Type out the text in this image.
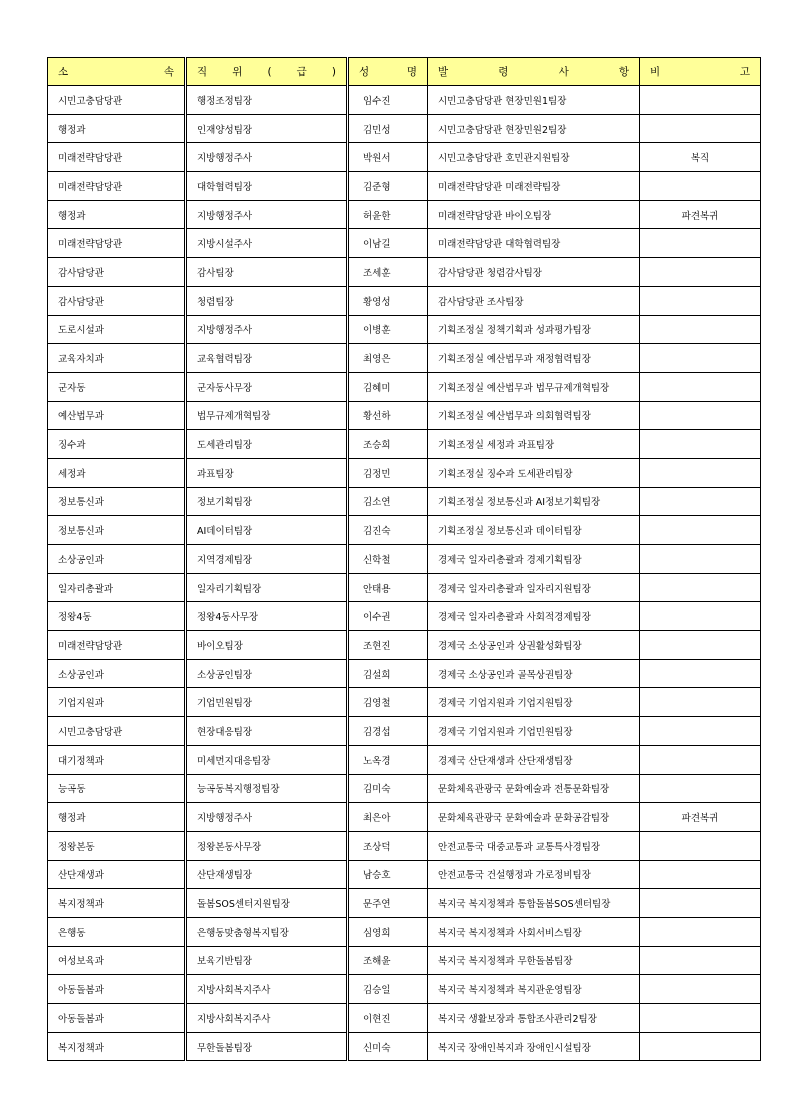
소 속	직 위 ( 급 )	성 명	발 령 사 항	비 고
시민고충담당관	행정조정팀장	임수진	시민고충담당관 현장민원1팀장	
행정과	인재양성팀장	김민성	시민고충담당관 현장민원2팀장	
미래전략담당관	지방행정주사	박원서	시민고충담당관 호민관지원팀장	복직
미래전략담당관	대학협력팀장	김준형	미래전략담당관 미래전략팀장	
행정과	지방행정주사	허윤한	미래전략담당관 바이오팀장	파견복귀
미래전략담당관	지방시설주사	이남길	미래전략담당관 대학협력팀장	
감사담당관	감사팀장	조세훈	감사담당관 청렴감사팀장	
감사담당관	청렴팀장	황영성	감사담당관 조사팀장	
도로시설과	지방행정주사	이병훈	기획조정실 정책기획과 성과평가팀장	
교육자치과	교육협력팀장	최영은	기획조정실 예산법무과 재정협력팀장	
군자동	군자동사무장	김혜미	기획조정실 예산법무과 법무규제개혁팀장	
예산법무과	법무규제개혁팀장	황선하	기획조정실 예산법무과 의회협력팀장	
징수과	도세관리팀장	조승희	기획조정실 세정과 과표팀장	
세정과	과표팀장	김정민	기획조정실 징수과 도세관리팀장	
정보통신과	정보기획팀장	김소연	기획조정실 정보통신과 AI정보기획팀장	
정보통신과	AI데이터팀장	김진숙	기획조정실 정보통신과 데이터팀장	
소상공인과	지역경제팀장	신학철	경제국 일자리총괄과 경제기획팀장	
일자리총괄과	일자리기획팀장	안태용	경제국 일자리총괄과 일자리지원팀장	
정왕4동	정왕4동사무장	이수권	경제국 일자리총괄과 사회적경제팀장	
미래전략담당관	바이오팀장	조현진	경제국 소상공인과 상권활성화팀장	
소상공인과	소상공인팀장	김설희	경제국 소상공인과 골목상권팀장	
기업지원과	기업민원팀장	김영철	경제국 기업지원과 기업지원팀장	
시민고충담당관	현장대응팀장	김경섭	경제국 기업지원과 기업민원팀장	
대기정책과	미세먼지대응팀장	노옥경	경제국 산단재생과 산단재생팀장	
능곡동	능곡동복지행정팀장	김미숙	문화체육관광국 문화예술과 전통문화팀장	
행정과	지방행정주사	최은아	문화체육관광국 문화예술과 문화공감팀장	파견복귀
정왕본동	정왕본동사무장	조상덕	안전교통국 대중교통과 교통특사경팀장	
산단재생과	산단재생팀장	남승호	안전교통국 건설행정과 가로정비팀장	
복지정책과	돌봄SOS센터지원팀장	문주연	복지국 복지정책과 통합돌봄SOS센터팀장	
은행동	은행동맞춤형복지팀장	심영희	복지국 복지정책과 사회서비스팀장	
여성보육과	보육기반팀장	조해윤	복지국 복지정책과 무한돌봄팀장	
아동돌봄과	지방사회복지주사	김승일	복지국 복지정책과 복지관운영팀장	
아동돌봄과	지방사회복지주사	이현진	복지국 생활보장과 통합조사관리2팀장	
복지정책과	무한돌봄팀장	신미숙	복지국 장애인복지과 장애인시설팀장	
